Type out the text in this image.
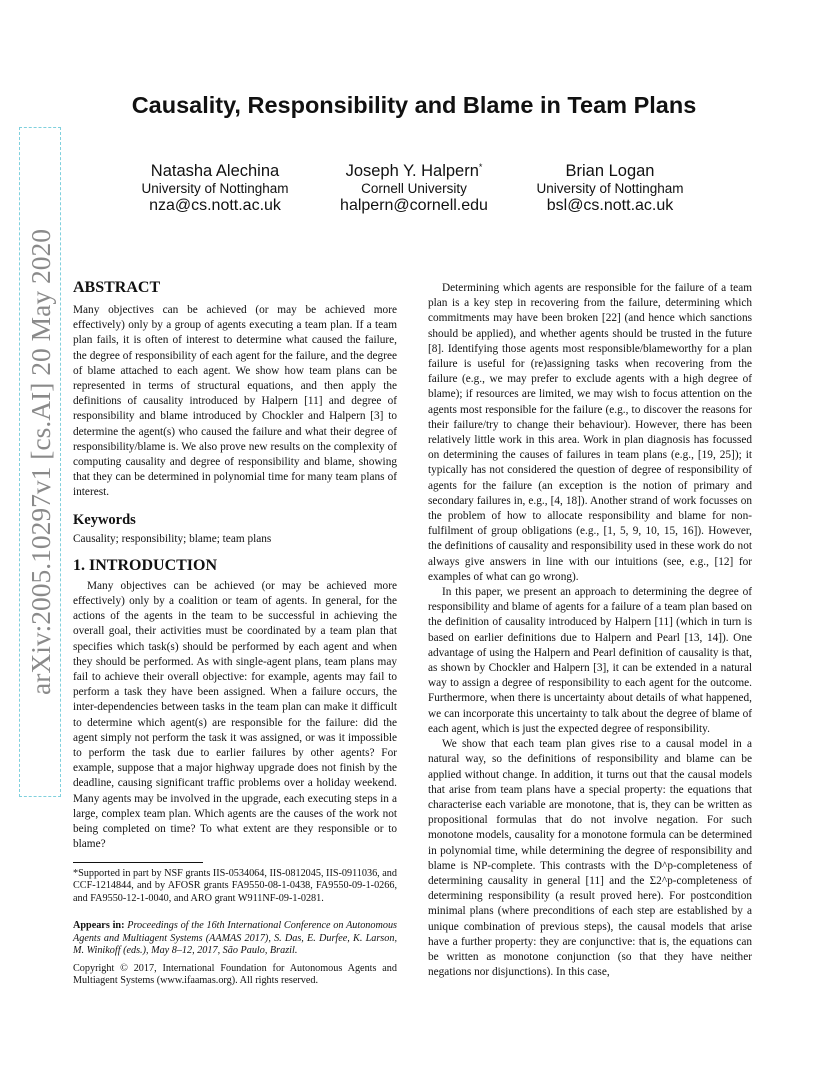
Causality, Responsibility and Blame in Team Plans
Natasha Alechina
University of Nottingham
nza@cs.nott.ac.uk
Joseph Y. Halpern*
Cornell University
halpern@cornell.edu
Brian Logan
University of Nottingham
bsl@cs.nott.ac.uk
arXiv:2005.10297v1 [cs.AI] 20 May 2020	ABSTRACT

Many objectives can be achieved (or may be achieved more effectively) only by a group of agents executing a team plan. If a team plan fails, it is often of interest to determine what caused the failure, the degree of responsibility of each agent for the failure, and the degree of blame attached to each agent. We show how team plans can be represented in terms of structural equations, and then apply the definitions of causality introduced by Halpern [11] and degree of responsibility and blame introduced by Chockler and Halpern [3] to determine the agent(s) who caused the failure and what their degree of responsibility/blame is. We also prove new results on the complexity of computing causality and degree of responsibility and blame, showing that they can be determined in polynomial time for many team plans of interest.

Keywords

Causality; responsibility; blame; team plans

1. INTRODUCTION

Many objectives can be achieved (or may be achieved more effectively) only by a coalition or team of agents. In general, for the actions of the agents in the team to be successful in achieving the overall goal, their activities must be coordinated by a team plan that specifies which task(s) should be performed by each agent and when they should be performed. As with single-agent plans, team plans may fail to achieve their overall objective: for example, agents may fail to perform a task they have been assigned. When a failure occurs, the inter-dependencies between tasks in the team plan can make it difficult to determine which agent(s) are responsible for the failure: did the agent simply not perform the task it was assigned, or was it impossible to perform the task due to earlier failures by other agents? For example, suppose that a major highway upgrade does not finish by the deadline, causing significant traffic problems over a holiday weekend. Many agents may be involved in the upgrade, each executing steps in a large, complex team plan. Which agents are the causes of the work not being completed on time? To what extent are they responsible or to blame?

*Supported in part by NSF grants IIS-0534064, IIS-0812045, IIS-0911036, and CCF-1214844, and by AFOSR grants FA9550-08-1-0438, FA9550-09-1-0266, and FA9550-12-1-0040, and ARO grant W911NF-09-1-0281.

Appears in: Proceedings of the 16th International Conference on Autonomous Agents and Multiagent Systems (AAMAS 2017), S. Das, E. Durfee, K. Larson, M. Winikoff (eds.), May 8–12, 2017, São Paulo, Brazil.

Copyright © 2017, International Foundation for Autonomous Agents and Multiagent Systems (www.ifaamas.org). All rights reserved.

Determining which agents are responsible for the failure of a team plan is a key step in recovering from the failure, determining which commitments may have been broken [22] (and hence which sanctions should be applied), and whether agents should be trusted in the future [8]. Identifying those agents most responsible/blameworthy for a plan failure is useful for (re)assigning tasks when recovering from the failure (e.g., we may prefer to exclude agents with a high degree of blame); if resources are limited, we may wish to focus attention on the agents most responsible for the failure (e.g., to discover the reasons for their failure/try to change their behaviour). However, there has been relatively little work in this area. Work in plan diagnosis has focussed on determining the causes of failures in team plans (e.g., [19, 25]); it typically has not considered the question of degree of responsibility of agents for the failure (an exception is the notion of primary and secondary failures in, e.g., [4, 18]). Another strand of work focusses on the problem of how to allocate responsibility and blame for non-fulfilment of group obligations (e.g., [1, 5, 9, 10, 15, 16]). However, the definitions of causality and responsibility used in these work do not always give answers in line with our intuitions (see, e.g., [12] for examples of what can go wrong).

In this paper, we present an approach to determining the degree of responsibility and blame of agents for a failure of a team plan based on the definition of causality introduced by Halpern [11] (which in turn is based on earlier definitions due to Halpern and Pearl [13, 14]). One advantage of using the Halpern and Pearl definition of causality is that, as shown by Chockler and Halpern [3], it can be extended in a natural way to assign a degree of responsibility to each agent for the outcome. Furthermore, when there is uncertainty about details of what happened, we can incorporate this uncertainty to talk about the degree of blame of each agent, which is just the expected degree of responsibility.

We show that each team plan gives rise to a causal model in a natural way, so the definitions of responsibility and blame can be applied without change. In addition, it turns out that the causal models that arise from team plans have a special property: the equations that characterise each variable are monotone, that is, they can be written as propositional formulas that do not involve negation. For such monotone models, causality for a monotone formula can be determined in polynomial time, while determining the degree of responsibility and blame is NP-complete. This contrasts with the D^p-completeness of determining causality in general [11] and the Σ2^p-completeness of determining responsibility (a result proved here). For postcondition minimal plans (where preconditions of each step are established by a unique combination of previous steps), the causal models that arise have a further property: they are conjunctive: that is, the equations can be written as monotone conjunction (so that they have neither negations nor disjunctions). In this case,
